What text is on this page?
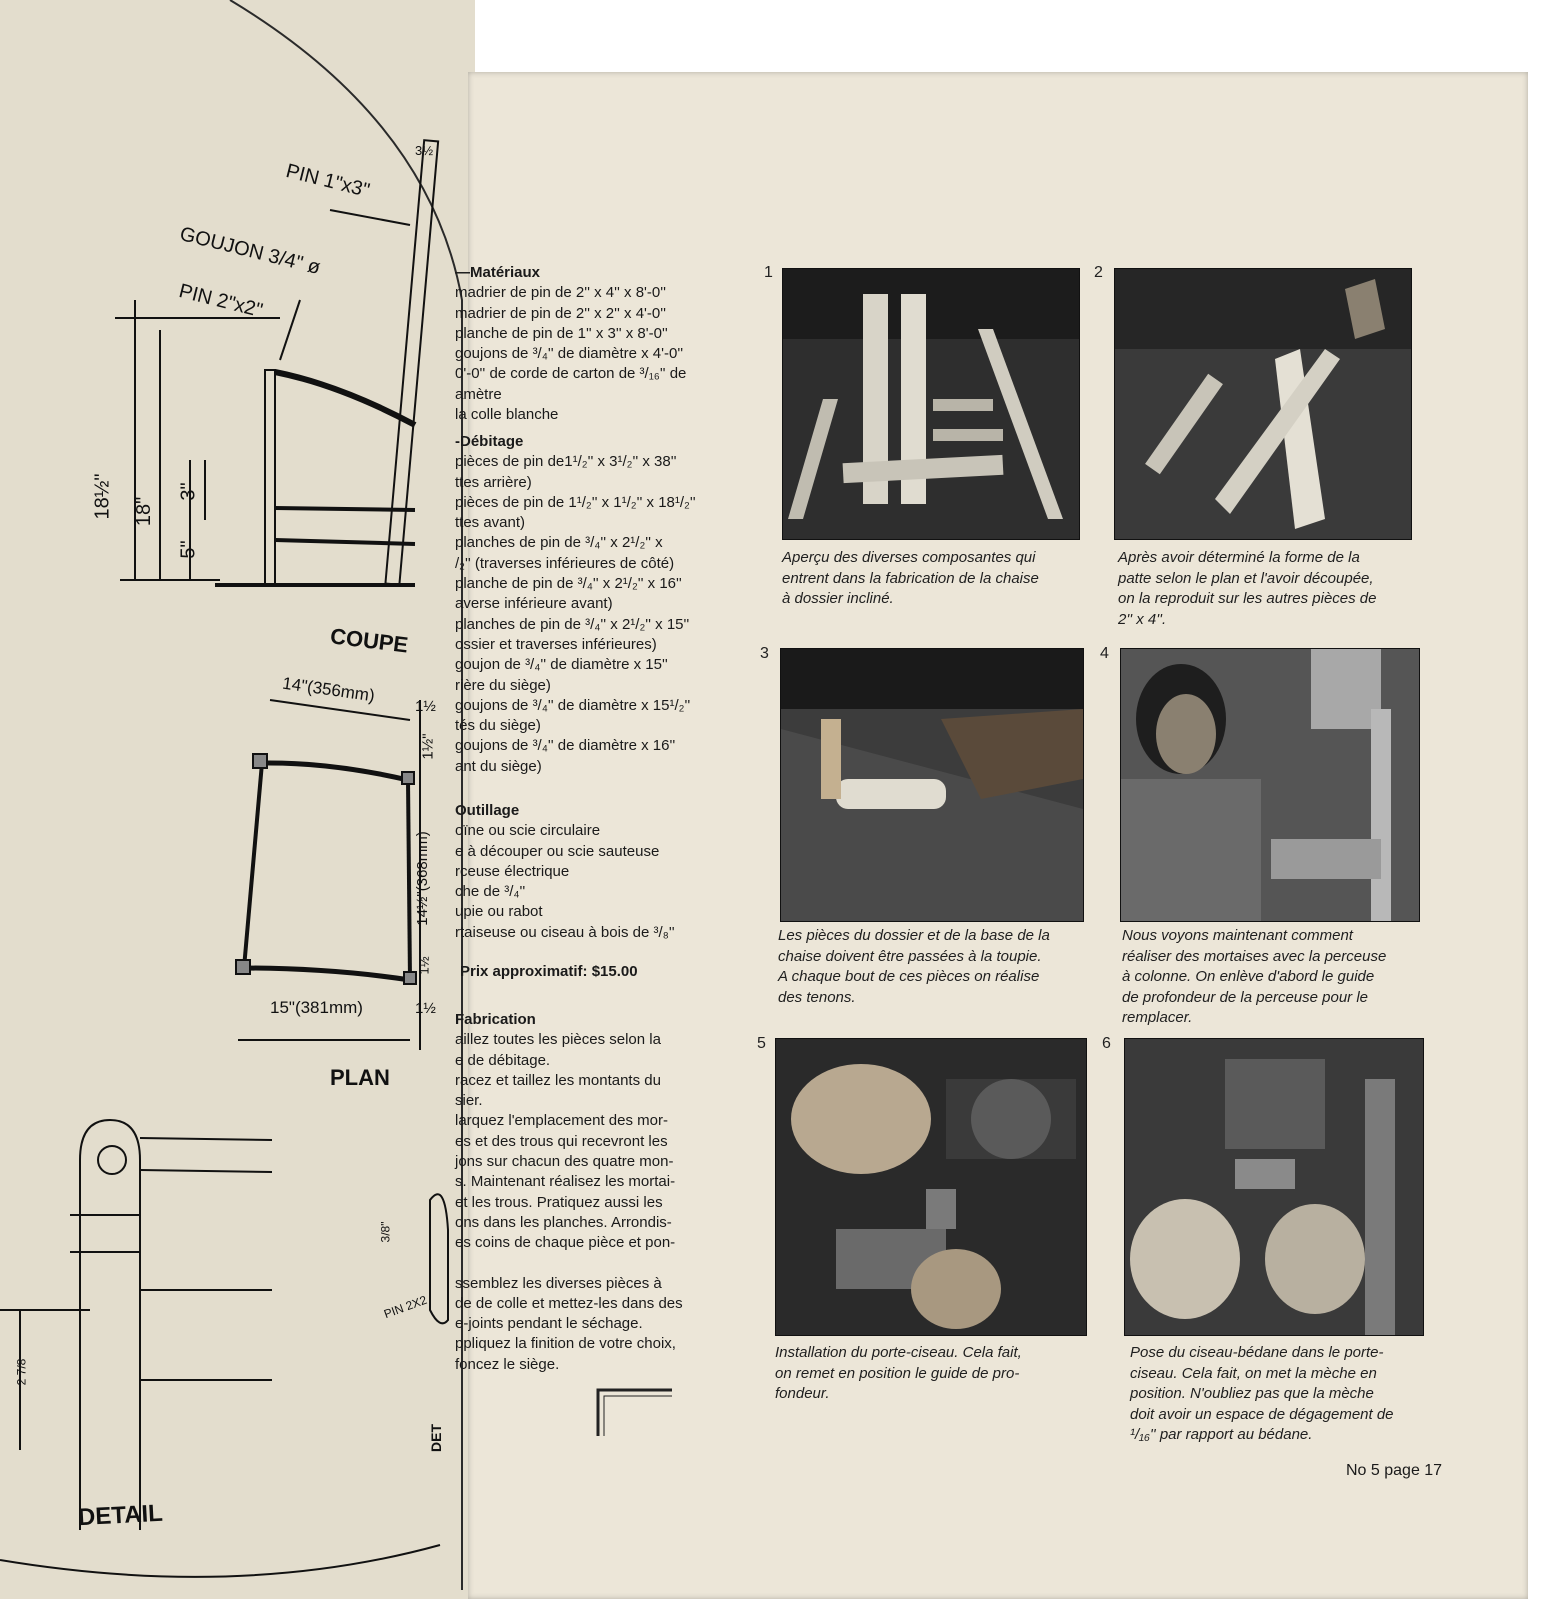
PIN 1"x3"
GOUJON 3/4" ø
PIN 2"x2"
3½
18½" 18"
3"
5"
COUPE
14"(356mm)
1½
1½"
14½"(368mm)
1½
15"(381mm)	1½
PLAN
3/8"
PIN 2X2
2 7/8
DETAIL
DET
—Matériaux
madrier de pin de 2'' x 4'' x 8'-0''
madrier de pin de 2'' x 2'' x 4'-0''
planche de pin de 1'' x 3'' x 8'-0''
goujons de ³/₄'' de diamètre x 4'-0''
0'-0'' de corde de carton de ³/₁₆'' de
amètre
la colle blanche
-Débitage
pièces de pin de1¹/₂'' x 3¹/₂'' x 38''
ttes arrière)
pièces de pin de 1¹/₂'' x 1¹/₂'' x 18¹/₂''
ttes avant)
planches de pin de ³/₄'' x 2¹/₂'' x
/₂'' (traverses inférieures de côté)
planche de pin de ³/₄'' x 2¹/₂'' x 16''
averse inférieure avant)
planches de pin de ³/₄'' x 2¹/₂'' x 15''
ossier et traverses inférieures)
goujon de ³/₄'' de diamètre x 15''
rière du siège)
goujons de ³/₄'' de diamètre x 15¹/₂''
tés du siège)
goujons de ³/₄'' de diamètre x 16''
ant du siège)
Outillage
oïne ou scie circulaire
e à découper ou scie sauteuse
rceuse électrique
che de ³/₄''
upie ou rabot
rtaiseuse ou ciseau à bois de ³/₈''
Prix approximatif: $15.00
Fabrication
aillez toutes les pièces selon la
e de débitage.
racez et taillez les montants du
sier.
larquez l'emplacement des mor-
es et des trous qui recevront les
jons sur chacun des quatre mon-
s. Maintenant réalisez les mortai-
et les trous. Pratiquez aussi les
ons dans les planches. Arrondis-
es coins de chaque pièce et pon-
ssemblez les diverses pièces à
de de colle et mettez-les dans des
e-joints pendant le séchage.
ppliquez la finition de votre choix,
foncez le siège.
1	2
Aperçu des diverses composantes qui
entrent dans la fabrication de la chaise
à dossier incliné.
Après avoir déterminé la forme de la
patte selon le plan et l'avoir découpée,
on la reproduit sur les autres pièces de
2'' x 4''.
3	4
Les pièces du dossier et de la base de la
chaise doivent être passées à la toupie.
A chaque bout de ces pièces on réalise
des tenons.
Nous voyons maintenant comment
réaliser des mortaises avec la perceuse
à colonne. On enlève d'abord le guide
de profondeur de la perceuse pour le
remplacer.
5	6
Installation du porte-ciseau. Cela fait,
on remet en position le guide de pro-
fondeur.
Pose du ciseau-bédane dans le porte-
ciseau. Cela fait, on met la mèche en
position. N'oubliez pas que la mèche
doit avoir un espace de dégagement de
¹/₁₆'' par rapport au bédane.
No 5 page 17
